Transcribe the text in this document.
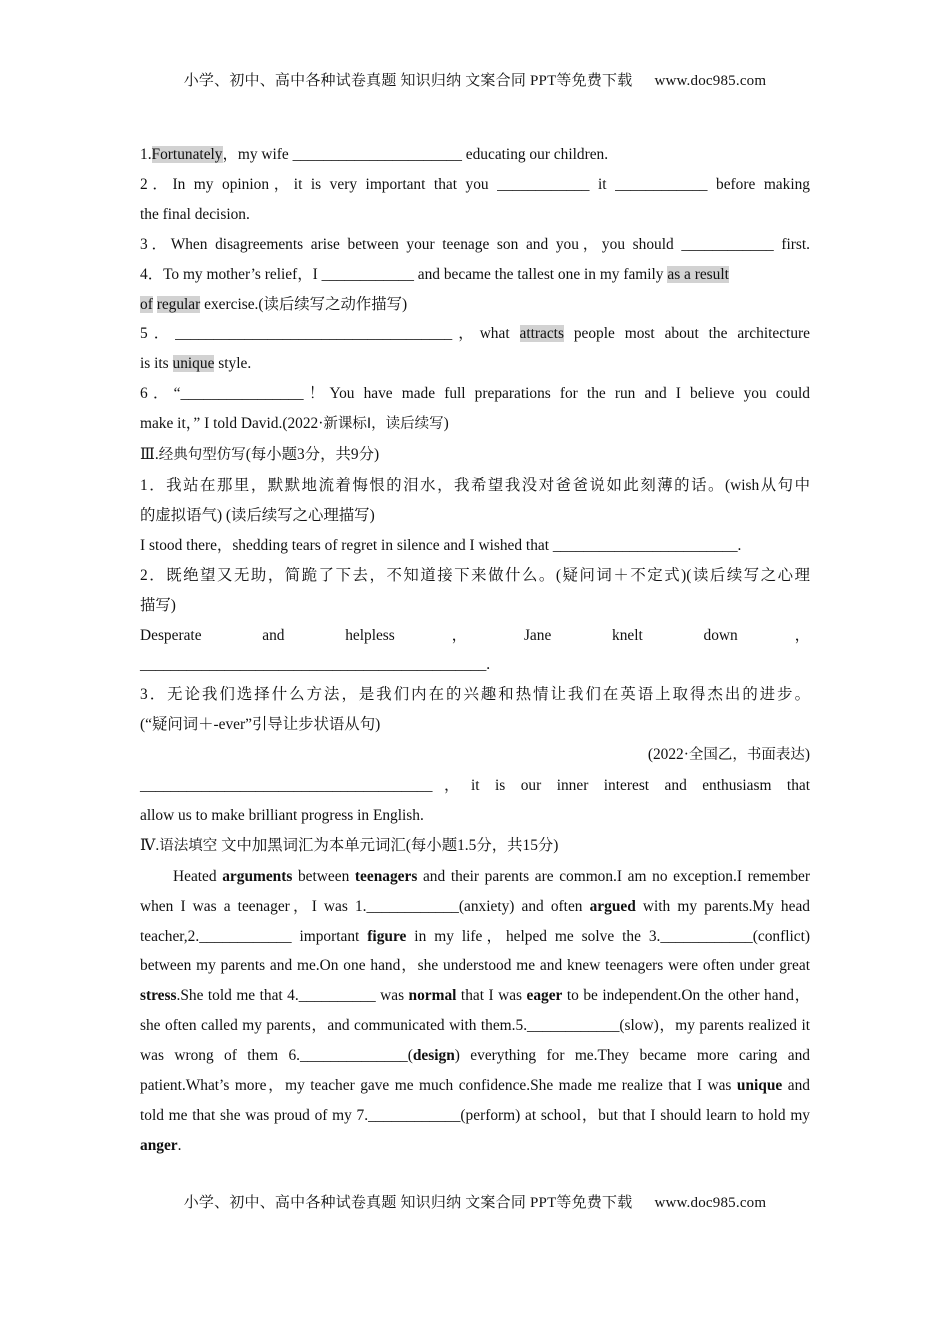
小学、初中、高中各种试卷真题 知识归纳 文案合同 PPT等免费下载 www.doc985.com

1.Fortunately，my wife ______________________ educating our children.

2．In my opinion，it is very important that you ____________ it ____________ before making

the final decision.

3．When disagreements arise between your teenage son and you，you should ____________ first.

4．To my mother’s relief，I ____________ and became the tallest one in my family as a result
of regular exercise.(读后续写之动作描写)

5．____________________________________，what attracts people most about the architecture

is its unique style.

6．“________________！You have made full preparations for the run and I believe you could

make it，” I told David.(2022·新课标Ⅰ，读后续写)

Ⅲ.经典句型仿写(每小题3分，共9分)

1．我站在那里，默默地流着悔恨的泪水，我希望我没对爸爸说如此刻薄的话。(wish从句中

的虚拟语气) (读后续写之心理描写)

I stood there，shedding tears of regret in silence and I wished that ________________________.

2．既绝望又无助，简跪了下去，不知道接下来做什么。(疑问词＋不定式)(读后续写之心理

描写)

Desperate and helpless，Jane knelt down，

_____________________________________________.

3．无论我们选择什么方法，是我们内在的兴趣和热情让我们在英语上取得杰出的进步。

(“疑问词＋-ever”引导让步状语从句)

(2022·全国乙，书面表达)

______________________________________，it is our inner interest and enthusiasm that

allow us to make brilliant progress in English.

Ⅳ.语法填空 文中加黑词汇为本单元词汇(每小题1.5分，共15分)

Heated arguments between teenagers and their parents are common.I am no exception.I remember when I was a teenager，I was 1.____________(anxiety) and often argued with my parents.My head teacher,2.____________ important figure in my life，helped me solve the 3.____________(conflict) between my parents and me.On one hand，she understood me and knew teenagers were often under great stress.She told me that 4.__________ was normal that I was eager to be independent.On the other hand，she often called my parents，and communicated with them.5.____________(slow)，my parents realized it was wrong of them 6.______________(design) everything for me.They became more caring and patient.What’s more，my teacher gave me much confidence.She made me realize that I was unique and told me that she was proud of my 7.____________(perform) at school，but that I should learn to hold my anger.

小学、初中、高中各种试卷真题 知识归纳 文案合同 PPT等免费下载 www.doc985.com
